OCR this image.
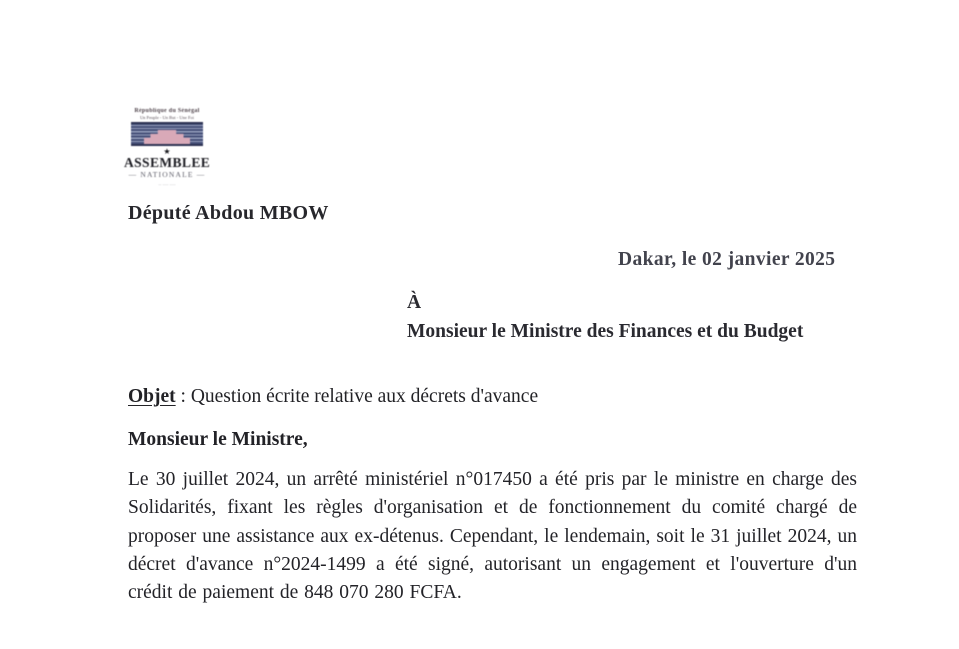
République du Sénégal
Un Peuple - Un But - Une Foi
★
ASSEMBLEE
— NATIONALE —
·· ···· ····
Député Abdou MBOW
Dakar, le 02 janvier 2025
À
Monsieur le Ministre des Finances et du Budget
Objet : Question écrite relative aux décrets d'avance
Monsieur le Ministre,
Le 30 juillet 2024, un arrêté ministériel n°017450 a été pris par le ministre en charge des Solidarités, fixant les règles d'organisation et de fonctionnement du comité chargé de proposer une assistance aux ex-détenus. Cependant, le lendemain, soit le 31 juillet 2024, un décret d'avance n°2024-1499 a été signé, autorisant un engagement et l'ouverture d'un crédit de paiement de 848 070 280 FCFA.
